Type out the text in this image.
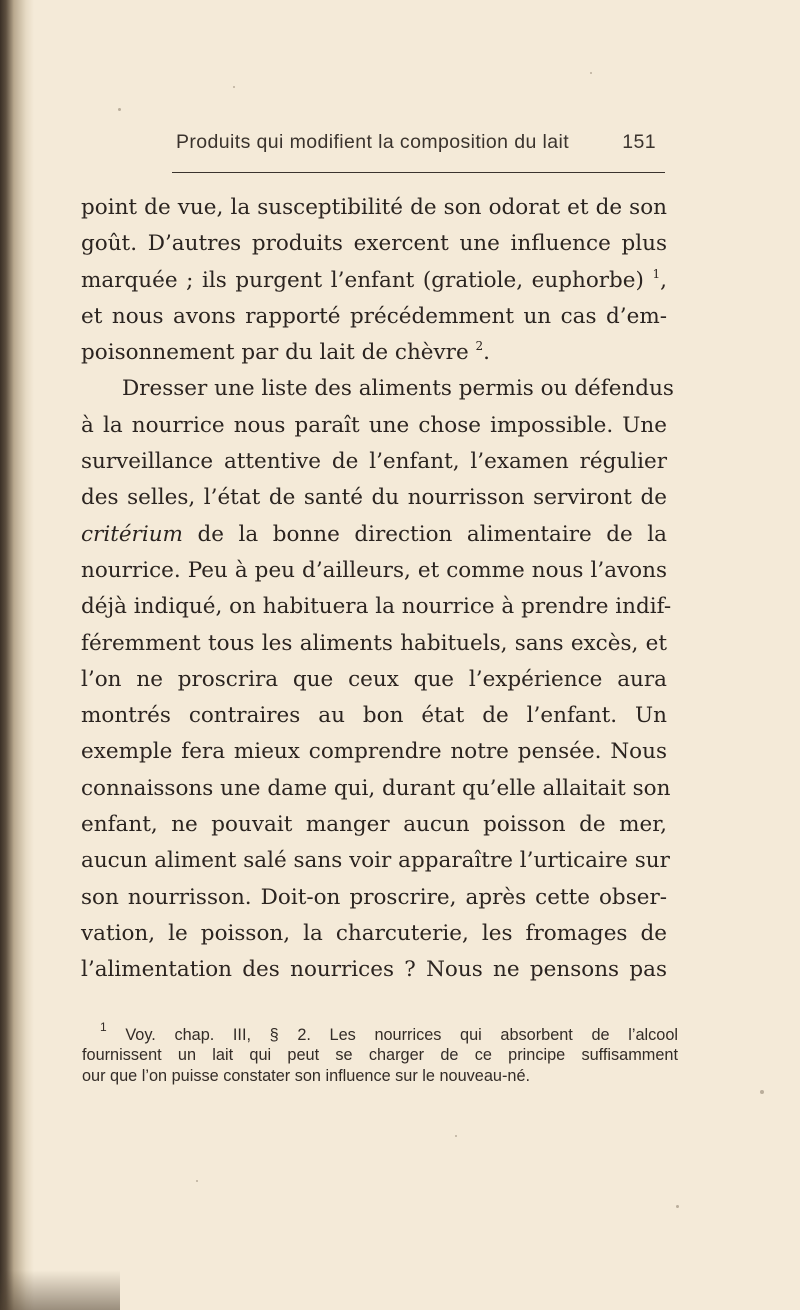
Produits qui modifient la composition du lait	151
point de vue, la susceptibilité de son odorat et de son
goût. D’autres produits exercent une influence plus
marquée ; ils purgent l’enfant (gratiole, euphorbe) $^1$,
et nous avons rapporté précédemment un cas d’em-
poisonnement par du lait de chèvre $^2$.
Dresser une liste des aliments permis ou défendus
à la nourrice nous paraît une chose impossible. Une
surveillance attentive de l’enfant, l’examen régulier
des selles, l’état de santé du nourrisson serviront de
critérium de la bonne direction alimentaire de la
nourrice. Peu à peu d’ailleurs, et comme nous l’avons
déjà indiqué, on habituera la nourrice à prendre indif-
féremment tous les aliments habituels, sans excès, et
l’on ne proscrira que ceux que l’expérience aura
montrés contraires au bon état de l’enfant. Un
exemple fera mieux comprendre notre pensée. Nous
connaissons une dame qui, durant qu’elle allaitait son
enfant, ne pouvait manger aucun poisson de mer,
aucun aliment salé sans voir apparaître l’urticaire sur
son nourrisson. Doit-on proscrire, après cette obser-
vation, le poisson, la charcuterie, les fromages de
l’alimentation des nourrices ? Nous ne pensons pas
$^1$ Voy. chap. III, § 2. Les nourrices qui absorbent de l’alcool
fournissent un lait qui peut se charger de ce principe suffisamment
our que l’on puisse constater son influence sur le nouveau-né.
